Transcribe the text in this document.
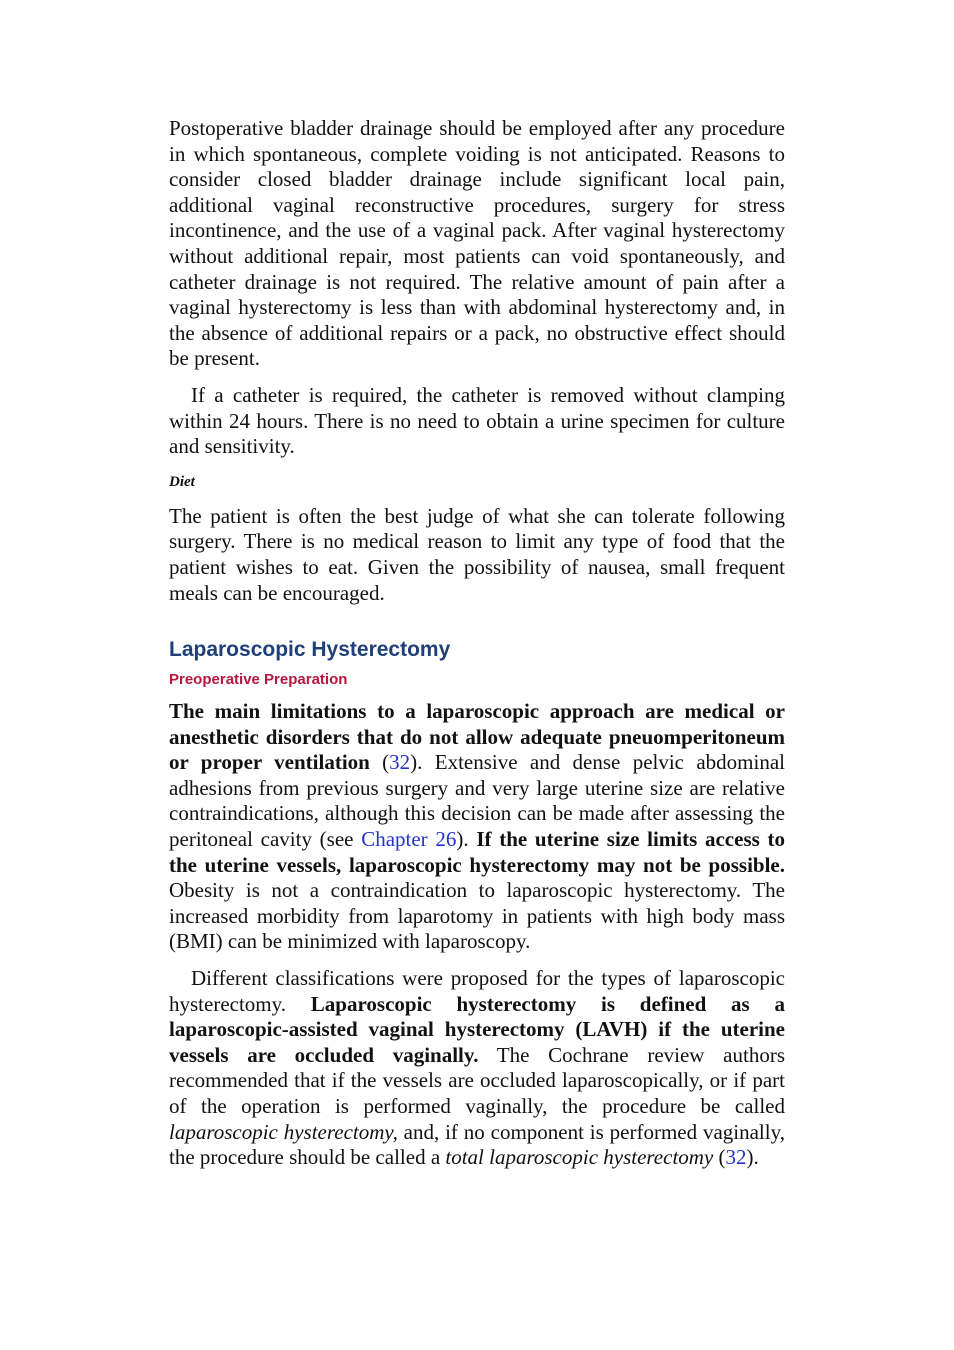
Postoperative bladder drainage should be employed after any procedure in which spontaneous, complete voiding is not anticipated. Reasons to consider closed bladder drainage include significant local pain, additional vaginal reconstructive procedures, surgery for stress incontinence, and the use of a vaginal pack. After vaginal hysterectomy without additional repair, most patients can void spontaneously, and catheter drainage is not required. The relative amount of pain after a vaginal hysterectomy is less than with abdominal hysterectomy and, in the absence of additional repairs or a pack, no obstructive effect should be present.

If a catheter is required, the catheter is removed without clamping within 24 hours. There is no need to obtain a urine specimen for culture and sensitivity.

Diet

The patient is often the best judge of what she can tolerate following surgery. There is no medical reason to limit any type of food that the patient wishes to eat. Given the possibility of nausea, small frequent meals can be encouraged.

Laparoscopic Hysterectomy
Preoperative Preparation

The main limitations to a laparoscopic approach are medical or anesthetic disorders that do not allow adequate pneuomperitoneum or proper ventilation (32). Extensive and dense pelvic abdominal adhesions from previous surgery and very large uterine size are relative contraindications, although this decision can be made after assessing the peritoneal cavity (see Chapter 26). If the uterine size limits access to the uterine vessels, laparoscopic hysterectomy may not be possible. Obesity is not a contraindication to laparoscopic hysterectomy. The increased morbidity from laparotomy in patients with high body mass (BMI) can be minimized with laparoscopy.

Different classifications were proposed for the types of laparoscopic hysterectomy. Laparoscopic hysterectomy is defined as a laparoscopic-assisted vaginal hysterectomy (LAVH) if the uterine vessels are occluded vaginally. The Cochrane review authors recommended that if the vessels are occluded laparoscopically, or if part of the operation is performed vaginally, the procedure be called laparoscopic hysterectomy, and, if no component is performed vaginally, the procedure should be called a total laparoscopic hysterectomy (32).
